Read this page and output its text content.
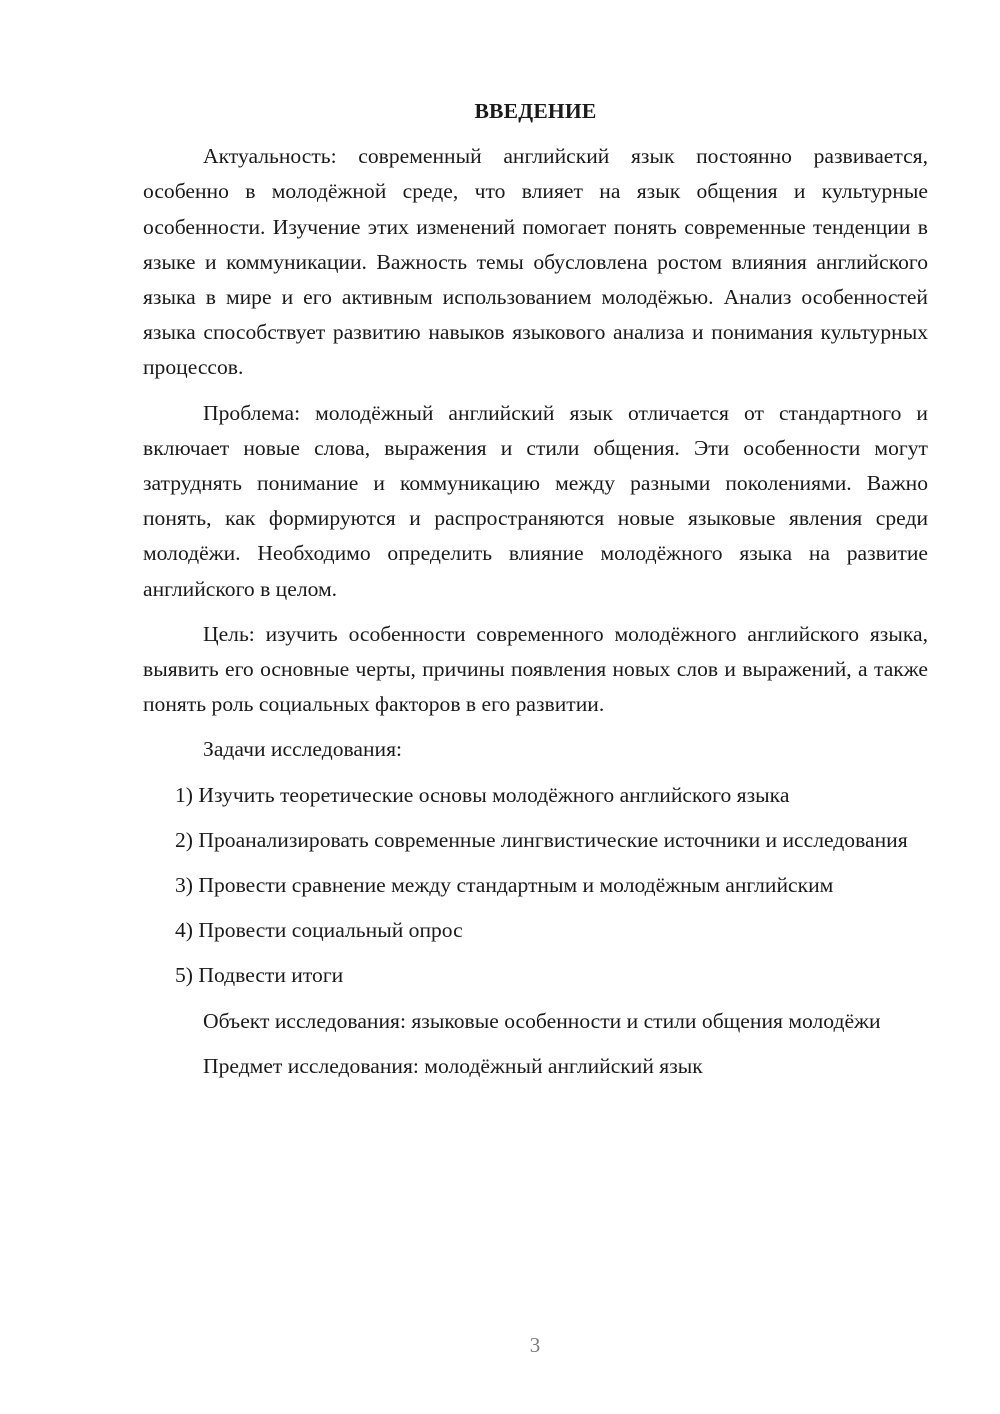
ВВЕДЕНИЕ

Актуальность: современный английский язык постоянно развивается, особенно в молодёжной среде, что влияет на язык общения и культурные особенности. Изучение этих изменений помогает понять современные тенденции в языке и коммуникации. Важность темы обусловлена ростом влияния английского языка в мире и его активным использованием молодёжью. Анализ особенностей языка способствует развитию навыков языкового анализа и понимания культурных процессов.

Проблема: молодёжный английский язык отличается от стандартного и включает новые слова, выражения и стили общения. Эти особенности могут затруднять понимание и коммуникацию между разными поколениями. Важно понять, как формируются и распространяются новые языковые явления среди молодёжи. Необходимо определить влияние молодёжного языка на развитие английского в целом.

Цель: изучить особенности современного молодёжного английского языка, выявить его основные черты, причины появления новых слов и выражений, а также понять роль социальных факторов в его развитии.

Задачи исследования:

1) Изучить теоретические основы молодёжного английского языка

2) Проанализировать современные лингвистические источники и исследования

3) Провести сравнение между стандартным и молодёжным английским

4) Провести социальный опрос

5) Подвести итоги

Объект исследования: языковые особенности и стили общения молодёжи

Предмет исследования: молодёжный английский язык

3
